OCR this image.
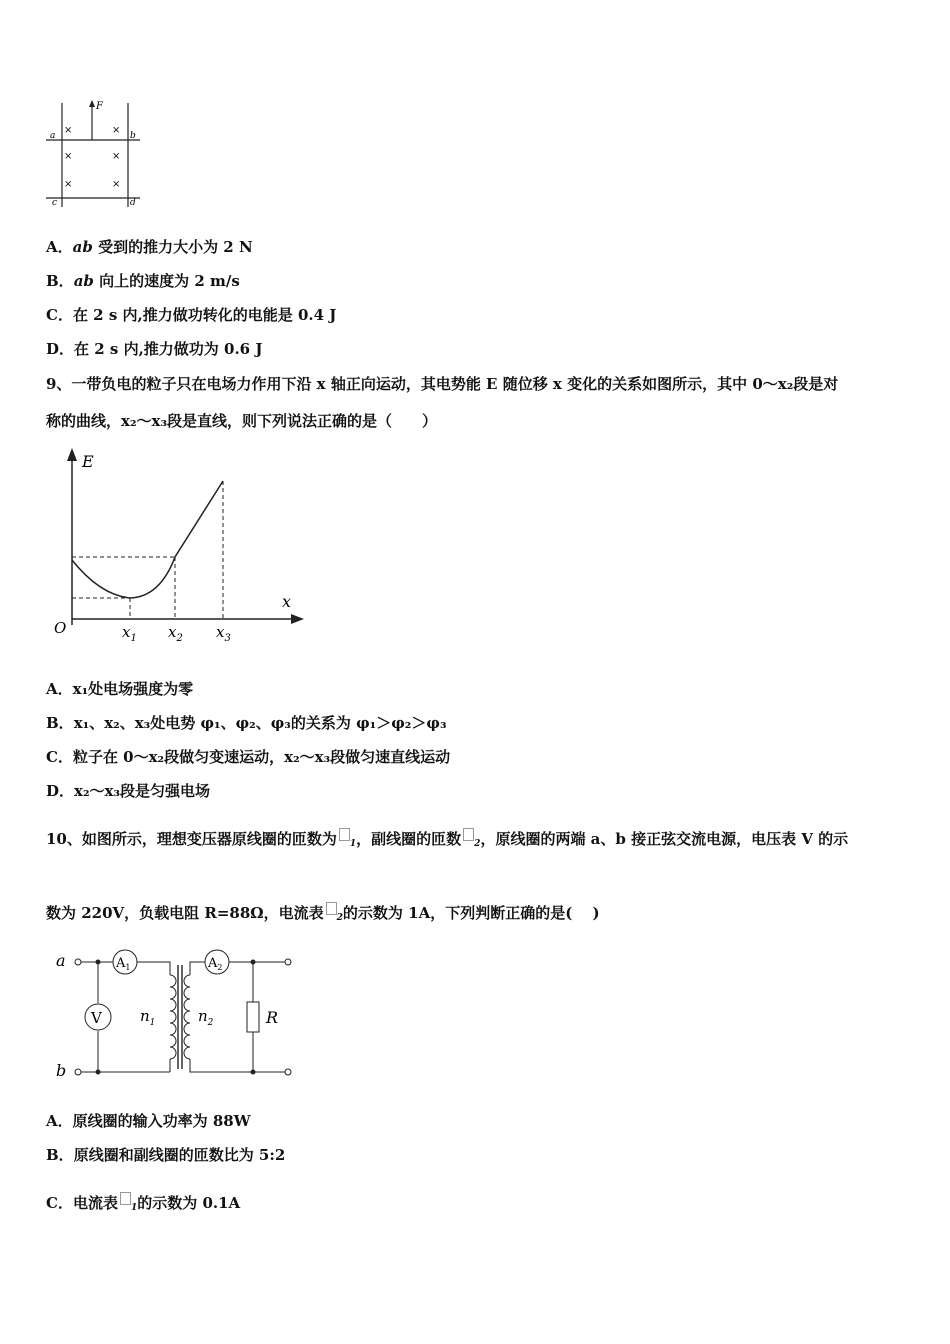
F
a	b
c	d
×	×
×	×
×	×
A．ab 受到的推力大小为 2 N
B．ab 向上的速度为 2 m/s
C．在 2 s 内,推力做功转化的电能是 0.4 J
D．在 2 s 内,推力做功为 0.6 J
9、一带负电的粒子只在电场力作用下沿 x 轴正向运动，其电势能 E 随位移 x 变化的关系如图所示，其中 0～x₂段是对
称的曲线，x₂～x₃段是直线，则下列说法正确的是（　　）
E
x
O	$x_1$ $x_2$ $x_3$
A．x₁处电场强度为零
B．x₁、x₂、x₃处电势 φ₁、φ₂、φ₃的关系为 φ₁＞φ₂＞φ₃
C．粒子在 0～x₂段做匀变速运动，x₂～x₃段做匀速直线运动
D．x₂～x₃段是匀强电场
10、如图所示，理想变压器原线圈的匝数为 $_1$，副线圈的匝数 $_2$，原线圈的两端 a、b 接正弦交流电源，电压表 V 的示
数为 220V，负载电阻 R=88Ω，电流表 $_2$的示数为 1A，下列判断正确的是(　 )
a
b
V
$A_1$
$n_1$	$n_2$
$A_2$
R
A．原线圈的输入功率为 88W
B．原线圈和副线圈的匝数比为 5:2
C．电流表 $_1$的示数为 0.1A
